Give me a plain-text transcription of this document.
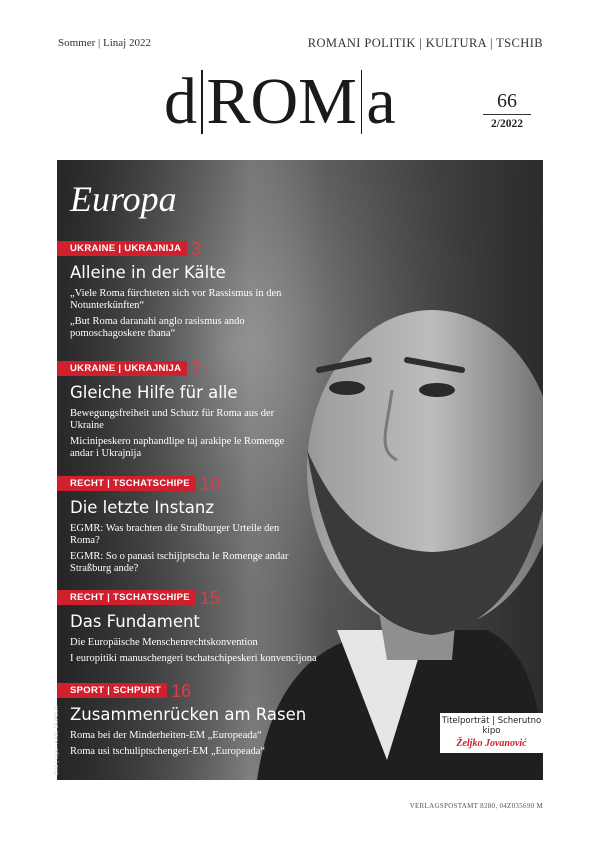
Sommer | Linaj 2022	ROMANI POLITIK | KULTURA | TSCHIB
d ROM a	66
2/2022
Bild | kipo: AXEL DUPEUX
Europa
UKRAINE | UKRAJNIJA 3
Alleine in der Kälte
„Viele Roma fürchteten sich vor Rassismus in den Notunterkünften“
„But Roma daranahi anglo rasismus ando pomoschagoskere thana“
UKRAINE | UKRAJNIJA 7
Gleiche Hilfe für alle
Bewegungsfreiheit und Schutz für Roma aus der Ukraine
Micinipeskero naphandlipe taj arakipe le Romenge andar i Ukrajnija
RECHT | TSCHATSCHIPE 10
Die letzte Instanz
EGMR: Was brachten die Straßburger Urteile den Roma?
EGMR: So o panasi tschijiptscha le Romenge andar Straßburg ande?
RECHT | TSCHATSCHIPE 15
Das Fundament
Die Europäische Menschenrechtskonvention
I europitiki manuschengeri tschatschipeskeri konvencijona
SPORT | SCHPURT 16
Zusammenrücken am Rasen
Roma bei der Minderheiten-EM „Europeada“
Roma usi tschuliptschengeri-EM „Europeada“
Titelporträt | Scherutno kipo
Željko Jovanović
VERLAGSPOSTAMT 8280, 04Z035690 M
